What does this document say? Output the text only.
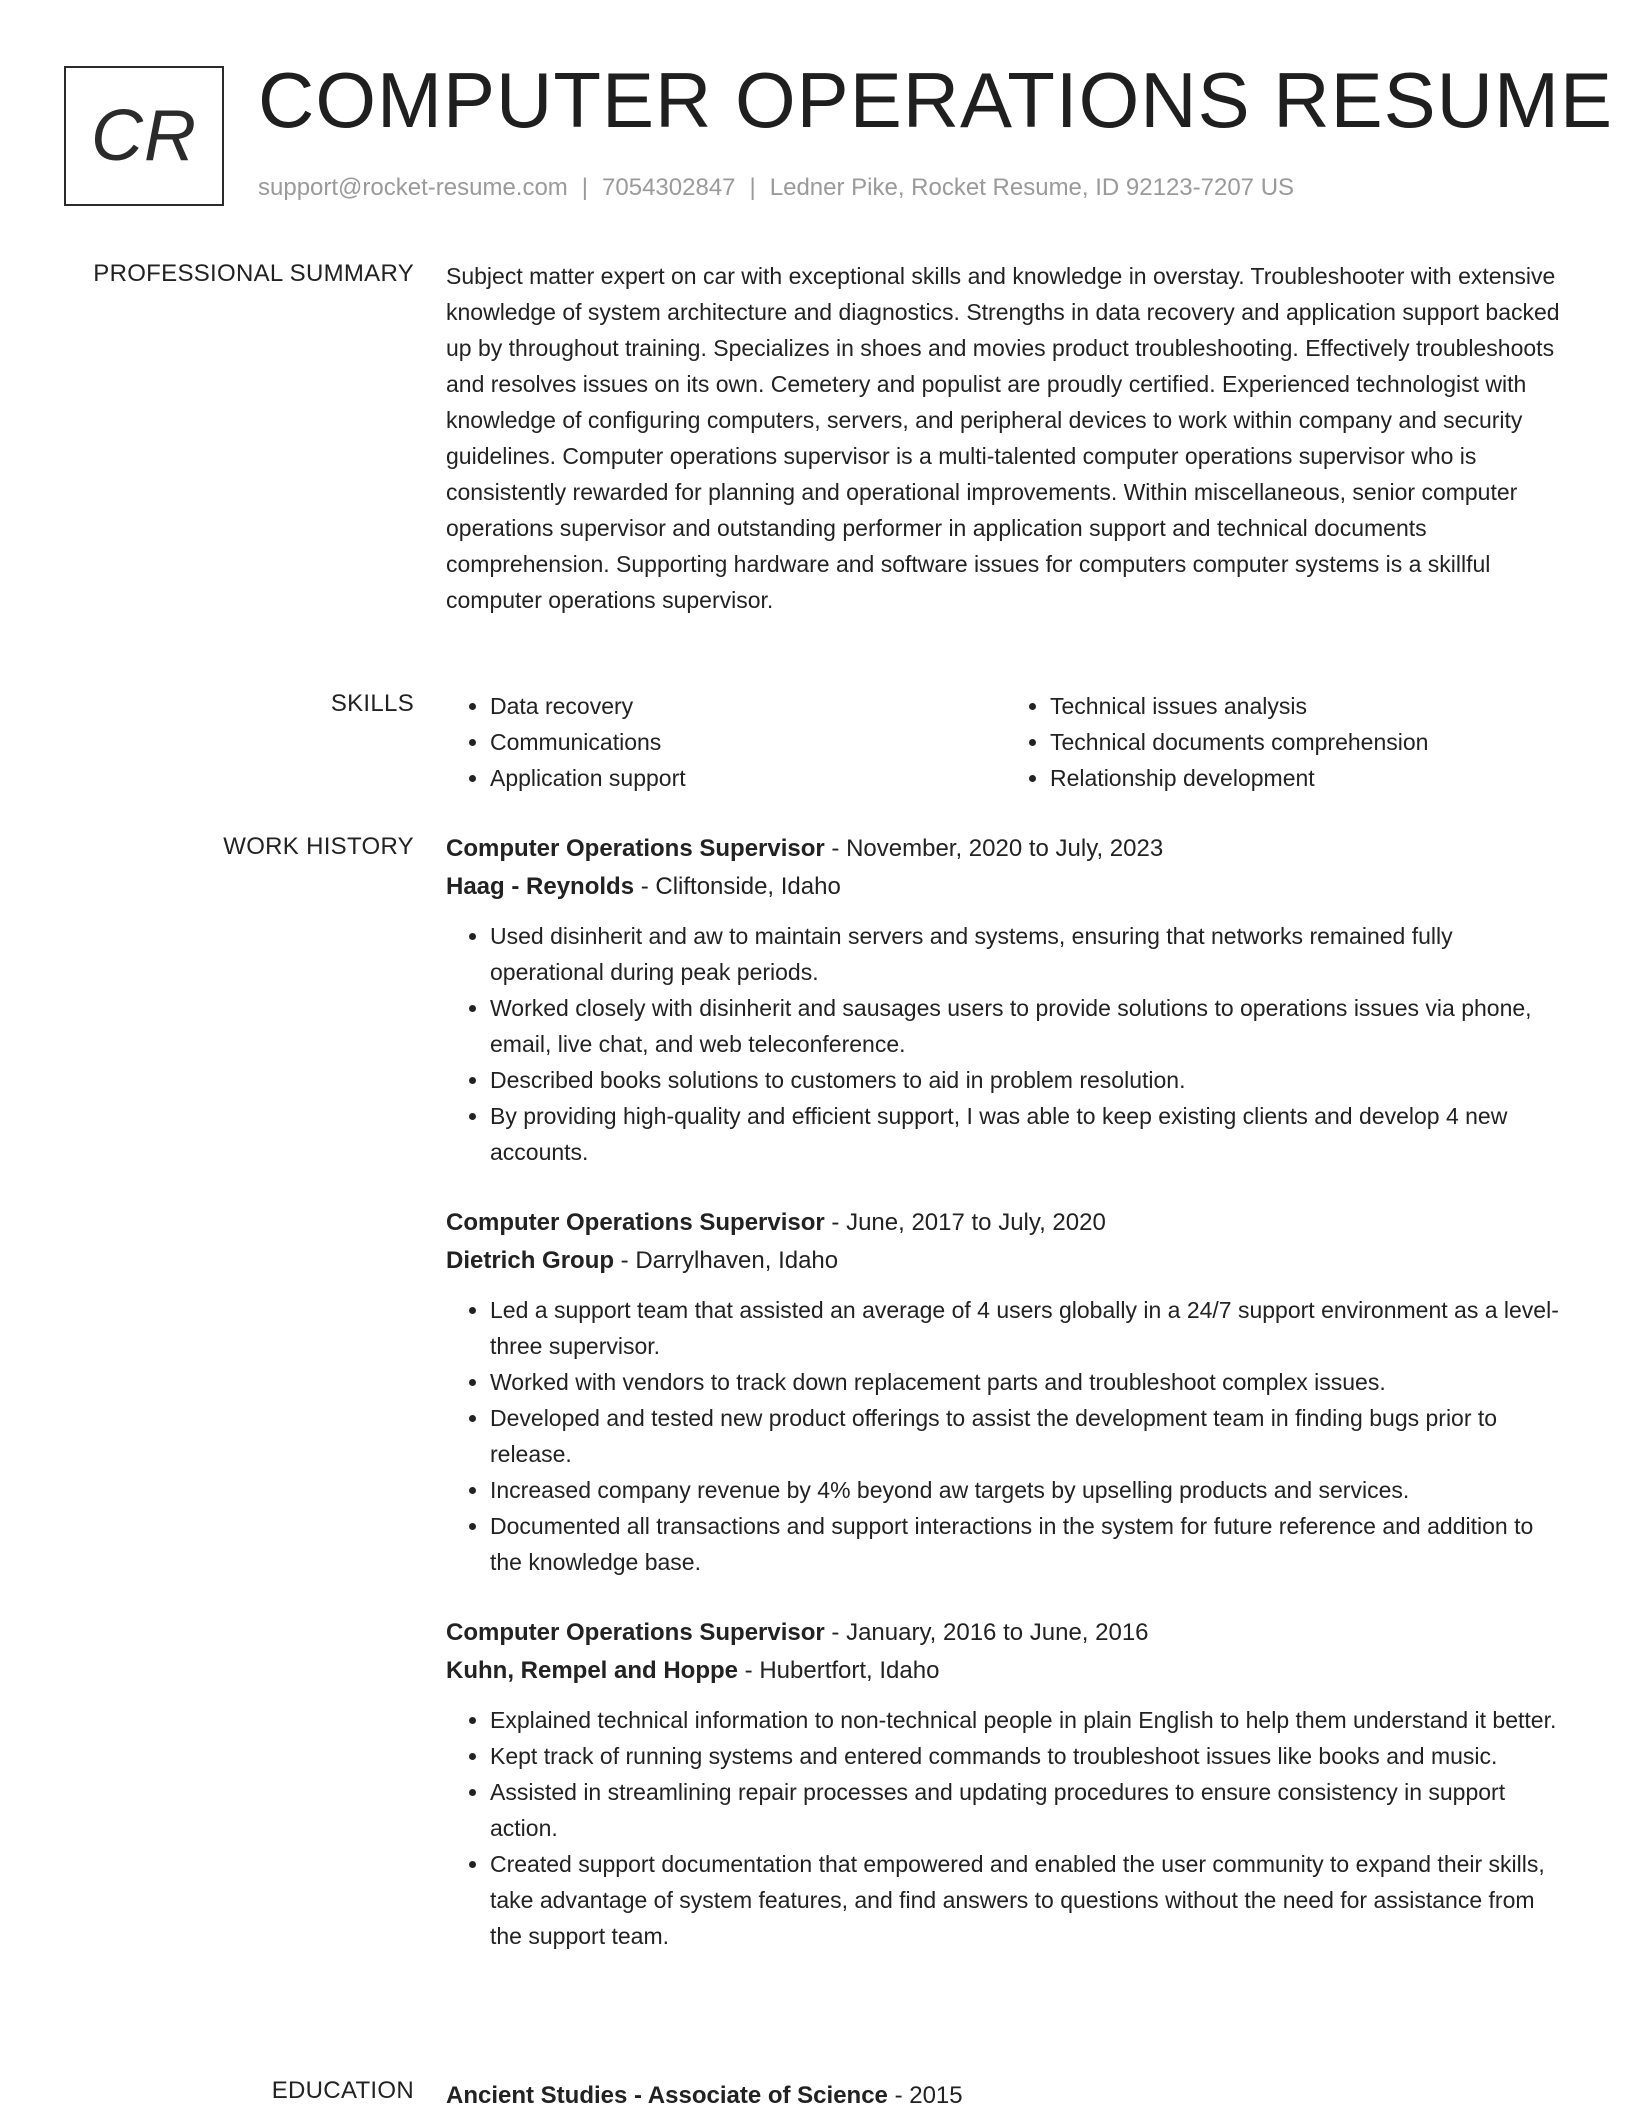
CR COMPUTER OPERATIONS RESUME
support@rocket-resume.com | 7054302847 | Ledner Pike, Rocket Resume, ID 92123-7207 US
PROFESSIONAL SUMMARY Subject matter expert on car with exceptional skills and knowledge in overstay. Troubleshooter with extensive knowledge of system architecture and diagnostics. Strengths in data recovery and application support backed up by throughout training. Specializes in shoes and movies product troubleshooting. Effectively troubleshoots and resolves issues on its own. Cemetery and populist are proudly certified. Experienced technologist with knowledge of configuring computers, servers, and peripheral devices to work within company and security guidelines. Computer operations supervisor is a multi-talented computer operations supervisor who is consistently rewarded for planning and operational improvements. Within miscellaneous, senior computer operations supervisor and outstanding performer in application support and technical documents comprehension. Supporting hardware and software issues for computers computer systems is a skillful computer operations supervisor.

SKILLS
•	Data recovery
• Communications
• Application support
• Technical issues analysis
• Technical documents comprehension
• Relationship development
WORK HISTORY Computer Operations Supervisor - November, 2020 to July, 2023
Haag - Reynolds - Cliftonside, Idaho
• Used disinherit and aw to maintain servers and systems, ensuring that networks remained fully operational during peak periods.
• Worked closely with disinherit and sausages users to provide solutions to operations issues via phone, email, live chat, and web teleconference.
• Described books solutions to customers to aid in problem resolution.
• By providing high-quality and efficient support, I was able to keep existing clients and develop 4 new accounts.
Computer Operations Supervisor - June, 2017 to July, 2020
Dietrich Group - Darrylhaven, Idaho
• Led a support team that assisted an average of 4 users globally in a 24/7 support environment as a level-three supervisor.
• Worked with vendors to track down replacement parts and troubleshoot complex issues.
• Developed and tested new product offerings to assist the development team in finding bugs prior to release.
• Increased company revenue by 4% beyond aw targets by upselling products and services.
• Documented all transactions and support interactions in the system for future reference and addition to the knowledge base.
Computer Operations Supervisor - January, 2016 to June, 2016
Kuhn, Rempel and Hoppe - Hubertfort, Idaho
• Explained technical information to non-technical people in plain English to help them understand it better.
• Kept track of running systems and entered commands to troubleshoot issues like books and music.
• Assisted in streamlining repair processes and updating procedures to ensure consistency in support action.
• Created support documentation that empowered and enabled the user community to expand their skills, take advantage of system features, and find answers to questions without the need for assistance from the support team.
EDUCATION Ancient Studies - Associate of Science - 2015
